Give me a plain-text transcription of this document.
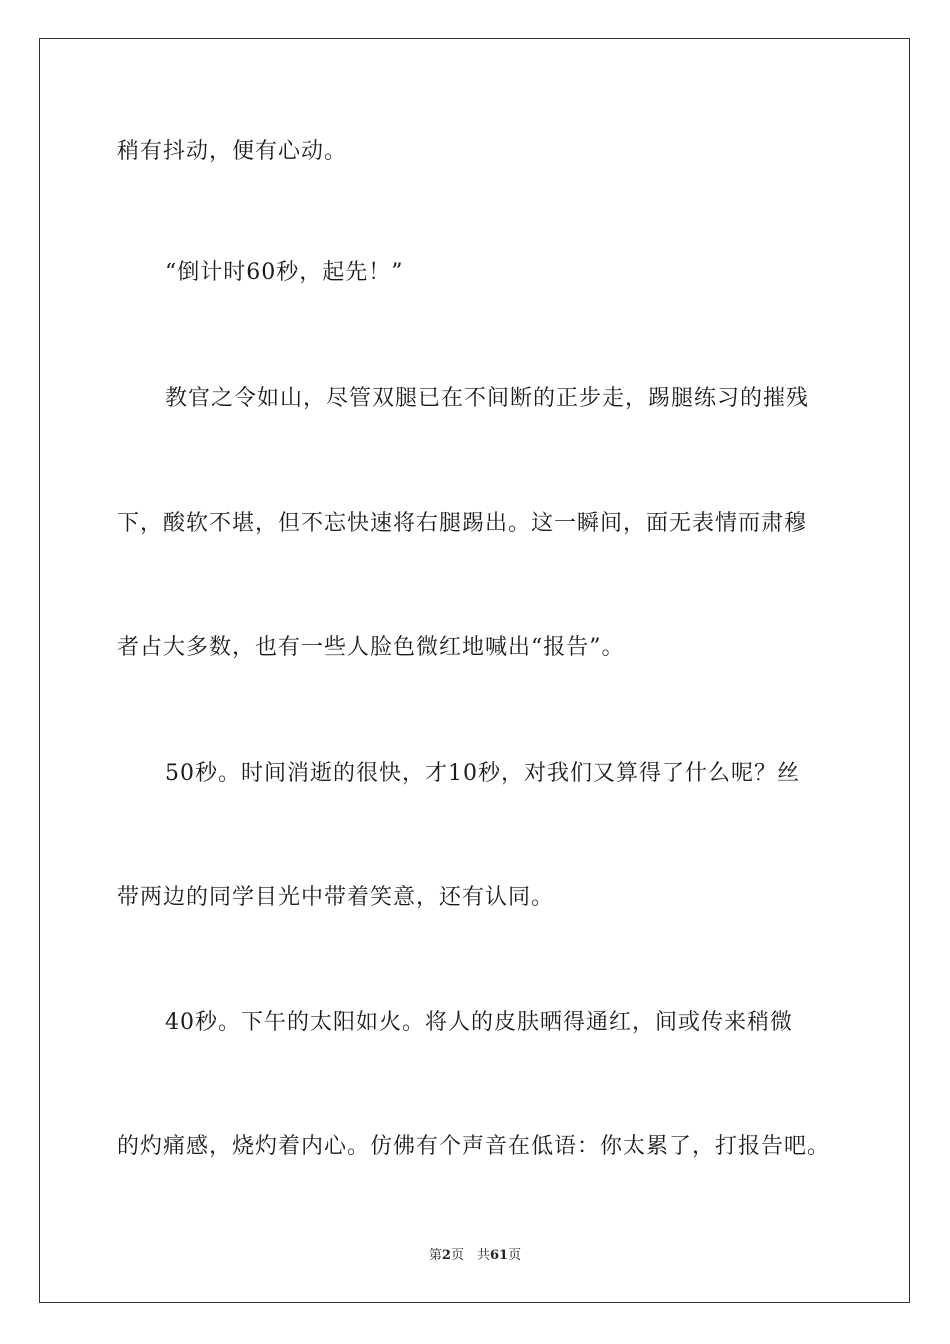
稍有抖动，便有心动。
“倒计时60秒，起先！”
教官之令如山，尽管双腿已在不间断的正步走，踢腿练习的摧残
下，酸软不堪，但不忘快速将右腿踢出。这一瞬间，面无表情而肃穆
者占大多数，也有一些人脸色微红地喊出“报告”。
50秒。时间消逝的很快，才10秒，对我们又算得了什么呢？丝
带两边的同学目光中带着笑意，还有认同。
40秒。下午的太阳如火。将人的皮肤晒得通红，间或传来稍微
的灼痛感，烧灼着内心。仿佛有个声音在低语：你太累了，打报告吧。
第2页　共61页
